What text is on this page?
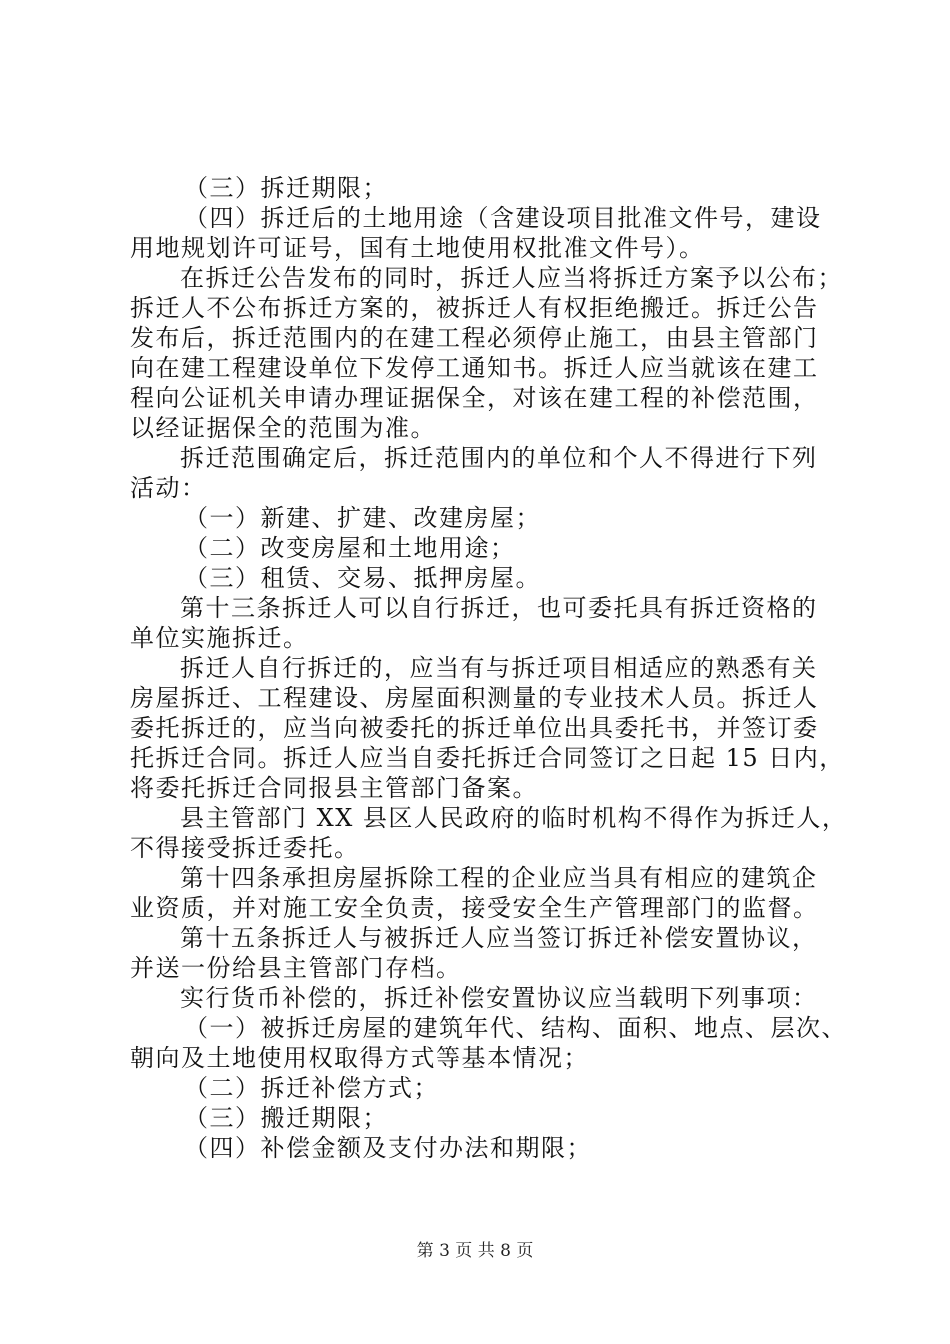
（三）拆迁期限；
（四）拆迁后的土地用途（含建设项目批准文件号，建设
用地规划许可证号，国有土地使用权批准文件号）。
在拆迁公告发布的同时，拆迁人应当将拆迁方案予以公布；
拆迁人不公布拆迁方案的，被拆迁人有权拒绝搬迁。拆迁公告
发布后，拆迁范围内的在建工程必须停止施工，由县主管部门
向在建工程建设单位下发停工通知书。拆迁人应当就该在建工
程向公证机关申请办理证据保全，对该在建工程的补偿范围，
以经证据保全的范围为准。
拆迁范围确定后，拆迁范围内的单位和个人不得进行下列
活动：
（一）新建、扩建、改建房屋；
（二）改变房屋和土地用途；
（三）租赁、交易、抵押房屋。
第十三条拆迁人可以自行拆迁，也可委托具有拆迁资格的
单位实施拆迁。
拆迁人自行拆迁的，应当有与拆迁项目相适应的熟悉有关
房屋拆迁、工程建设、房屋面积测量的专业技术人员。拆迁人
委托拆迁的，应当向被委托的拆迁单位出具委托书，并签订委
托拆迁合同。拆迁人应当自委托拆迁合同签订之日起 15 日内，
将委托拆迁合同报县主管部门备案。
县主管部门 XX 县区人民政府的临时机构不得作为拆迁人，
不得接受拆迁委托。
第十四条承担房屋拆除工程的企业应当具有相应的建筑企
业资质，并对施工安全负责，接受安全生产管理部门的监督。
第十五条拆迁人与被拆迁人应当签订拆迁补偿安置协议，
并送一份给县主管部门存档。
实行货币补偿的，拆迁补偿安置协议应当载明下列事项：
（一）被拆迁房屋的建筑年代、结构、面积、地点、层次、
朝向及土地使用权取得方式等基本情况；
（二）拆迁补偿方式；
（三）搬迁期限；
（四）补偿金额及支付办法和期限；
第 3 页 共 8 页
